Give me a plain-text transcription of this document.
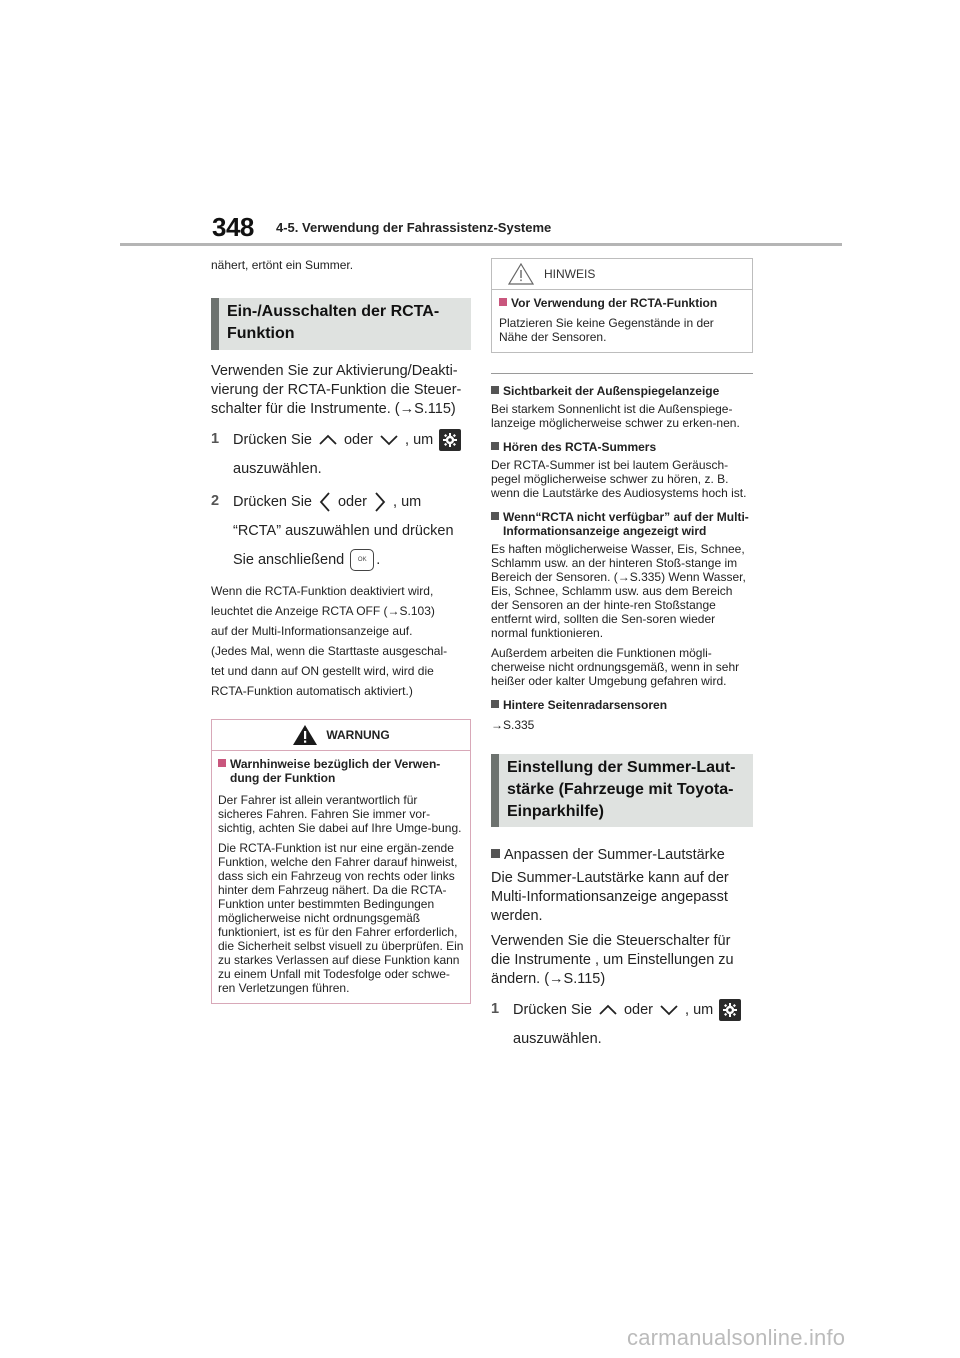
348 4-5. Verwendung der Fahrassistenz-Systeme
nähert, ertönt ein Summer.
Ein-/Ausschalten der RCTA-Funktion
Verwenden Sie zur Aktivierung/Deakti-vierung der RCTA-Funktion die Steuer-schalter für die Instrumente. (→S.115)
1 Drücken Sie oder , um
auszuwählen.
2 Drücken Sie oder , um
“RCTA” auszuwählen und drücken
Sie anschließend OK .
Wenn die RCTA-Funktion deaktiviert wird,
leuchtet die Anzeige RCTA OFF (→S.103)
auf der Multi-Informationsanzeige auf.
(Jedes Mal, wenn die Starttaste ausgeschal-
tet und dann auf ON gestellt wird, wird die
RCTA-Funktion automatisch aktiviert.)
WARNUNG
Warnhinweise bezüglich der Verwen-dung der Funktion
Der Fahrer ist allein verantwortlich für sicheres Fahren. Fahren Sie immer vor-sichtig, achten Sie dabei auf Ihre Umge-bung.
Die RCTA-Funktion ist nur eine ergän-zende Funktion, welche den Fahrer darauf hinweist, dass sich ein Fahrzeug von rechts oder links hinter dem Fahrzeug nähert. Da die RCTA-Funktion unter bestimmten Bedingungen möglicherweise nicht ordnungsgemäß funktioniert, ist es für den Fahrer erforderlich, die Sicherheit selbst visuell zu überprüfen. Ein zu starkes Verlassen auf diese Funktion kann zu einem Unfall mit Todesfolge oder schwe-ren Verletzungen führen.
HINWEIS
Vor Verwendung der RCTA-Funktion
Platzieren Sie keine Gegenstände in der Nähe der Sensoren.
Sichtbarkeit der Außenspiegelanzeige
Bei starkem Sonnenlicht ist die Außenspiege-lanzeige möglicherweise schwer zu erken-nen.
Hören des RCTA-Summers
Der RCTA-Summer ist bei lautem Geräusch-pegel möglicherweise schwer zu hören, z. B. wenn die Lautstärke des Audiosystems hoch ist.
Wenn“RCTA nicht verfügbar” auf der Multi-Informationsanzeige angezeigt wird
Es haften möglicherweise Wasser, Eis, Schnee, Schlamm usw. an der hinteren Stoß-stange im Bereich der Sensoren. (→S.335) Wenn Wasser, Eis, Schnee, Schlamm usw. aus dem Bereich der Sensoren an der hinte-ren Stoßstange entfernt wird, sollten die Sen-soren wieder normal funktionieren.
Außerdem arbeiten die Funktionen mögli-cherweise nicht ordnungsgemäß, wenn in sehr heißer oder kalter Umgebung gefahren wird.
Hintere Seitenradarsensoren
→S.335
Einstellung der Summer-Laut-stärke (Fahrzeuge mit Toyota-Einparkhilfe)
Anpassen der Summer-Lautstärke
Die Summer-Lautstärke kann auf der Multi-Informationsanzeige angepasst werden.
Verwenden Sie die Steuerschalter für die Instrumente , um Einstellungen zu ändern. (→S.115)
1 Drücken Sie oder , um
auszuwählen.
carmanualsonline.info
